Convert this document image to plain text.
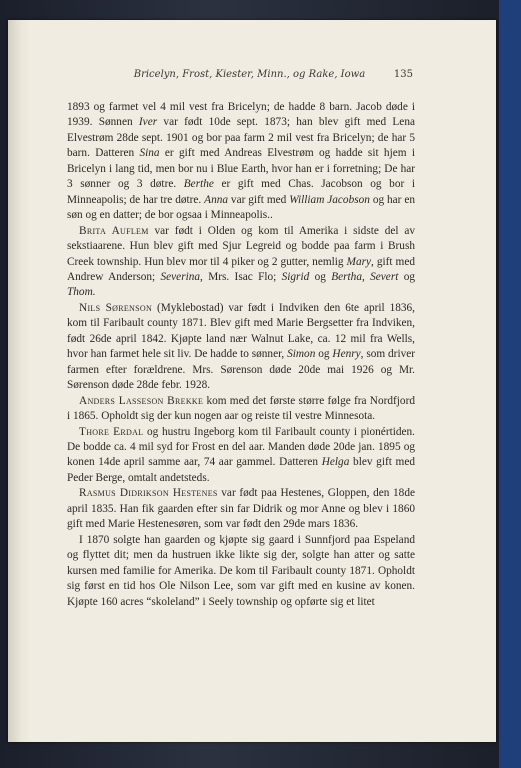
Bricelyn, Frost, Kiester, Minn., og Rake, Iowa	135

1893 og farmet vel 4 mil vest fra Bricelyn; de hadde 8 barn. Jacob døde i 1939. Sønnen Iver var født 10de sept. 1873; han blev gift med Lena Elvestrøm 28de sept. 1901 og bor paa farm 2 mil vest fra Bricelyn; de har 5 barn. Datteren Sina er gift med Andreas Elvestrøm og hadde sit hjem i Bricelyn i lang tid, men bor nu i Blue Earth, hvor han er i forretning; De har 3 sønner og 3 døtre. Berthe er gift med Chas. Jacobson og bor i Minneapolis; de har tre døtre. Anna var gift med William Jacobson og har en søn og en datter; de bor ogsaa i Minneapolis..

Brita Auflem var født i Olden og kom til Amerika i sidste del av sekstiaarene. Hun blev gift med Sjur Legreid og bodde paa farm i Brush Creek township. Hun blev mor til 4 piker og 2 gutter, nemlig Mary, gift med Andrew Anderson; Severina, Mrs. Isac Flo; Sigrid og Bertha, Severt og Thom.

Nils Sørenson (Myklebostad) var født i Indviken den 6te april 1836, kom til Faribault county 1871. Blev gift med Marie Bergsetter fra Indviken, født 26de april 1842. Kjøpte land nær Walnut Lake, ca. 12 mil fra Wells, hvor han farmet hele sit liv. De hadde to sønner, Simon og Henry, som driver farmen efter forældrene. Mrs. Sørenson døde 20de mai 1926 og Mr. Sørenson døde 28de febr. 1928.

Anders Lasseson Brekke kom med det første større følge fra Nordfjord i 1865. Opholdt sig der kun nogen aar og reiste til vestre Minnesota.

Thore Erdal og hustru Ingeborg kom til Faribault county i pionértiden. De bodde ca. 4 mil syd for Frost en del aar. Manden døde 20de jan. 1895 og konen 14de april samme aar, 74 aar gammel. Datteren Helga blev gift med Peder Berge, omtalt andetsteds.

Rasmus Didrikson Hestenes var født paa Hestenes, Gloppen, den 18de april 1835. Han fik gaarden efter sin far Didrik og mor Anne og blev i 1860 gift med Marie Hestenesøren, som var født den 29de mars 1836.

I 1870 solgte han gaarden og kjøpte sig gaard i Sunnfjord paa Espeland og flyttet dit; men da hustruen ikke likte sig der, solgte han atter og satte kursen med familie for Amerika. De kom til Faribault county 1871. Opholdt sig først en tid hos Ole Nilson Lee, som var gift med en kusine av konen. Kjøpte 160 acres “skoleland” i Seely township og opførte sig et litet
